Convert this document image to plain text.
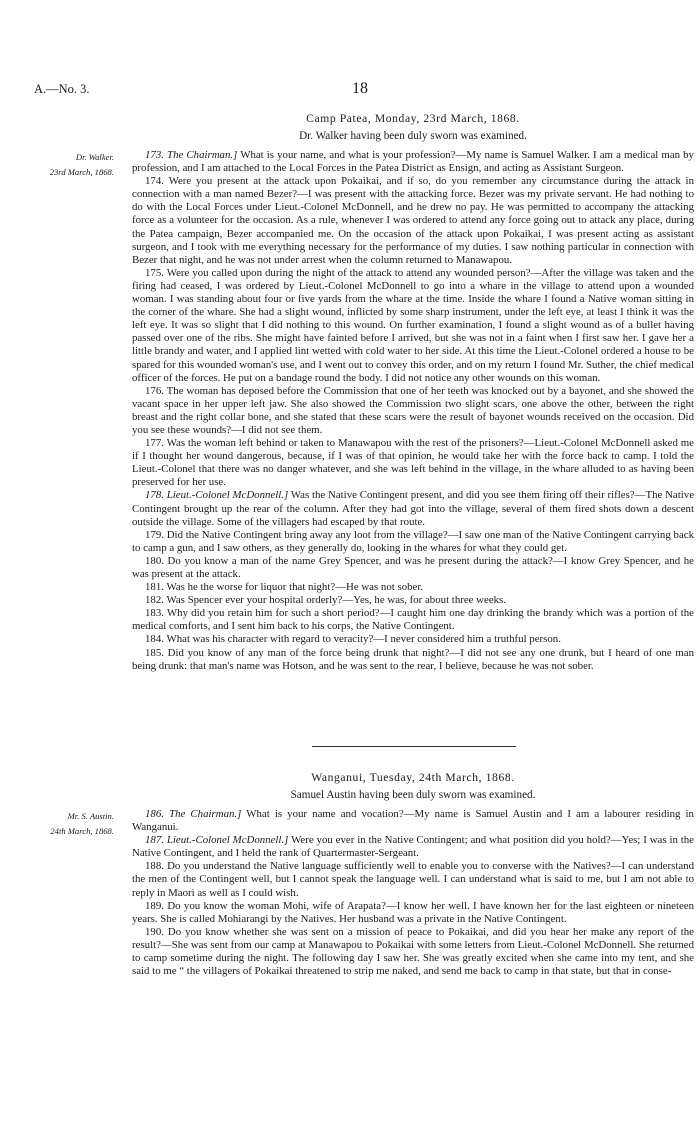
A.—No. 3.	18
Camp Patea, Monday, 23rd March, 1868.
Dr. Walker having been duly sworn was examined.
Dr. Walker.
23rd March, 1868.

173. The Chairman.] What is your name, and what is your profession?—My name is Samuel Walker. I am a medical man by profession, and I am attached to the Local Forces in the Patea District as Ensign, and acting as Assistant Surgeon.

174. Were you present at the attack upon Pokaikai, and if so, do you remember any circumstance during the attack in connection with a man named Bezer?—I was present with the attacking force. Bezer was my private servant. He had nothing to do with the Local Forces under Lieut.-Colonel McDonnell, and he drew no pay. He was permitted to accompany the attacking force as a volunteer for the occasion. As a rule, whenever I was ordered to attend any force going out to attack any place, during the Patea campaign, Bezer accompanied me. On the occasion of the attack upon Pokaikai, I was present acting as assistant surgeon, and I took with me everything necessary for the performance of my duties. I saw nothing particular in connection with Bezer that night, and he was not under arrest when the column returned to Manawapou.

175. Were you called upon during the night of the attack to attend any wounded person?—After the village was taken and the firing had ceased, I was ordered by Lieut.-Colonel McDonnell to go into a whare in the village to attend upon a wounded woman. I was standing about four or five yards from the whare at the time. Inside the whare I found a Native woman sitting in the corner of the whare. She had a slight wound, inflicted by some sharp instrument, under the left eye, at least I think it was the left eye. It was so slight that I did nothing to this wound. On further examination, I found a slight wound as of a bullet having passed over one of the ribs. She might have fainted before I arrived, but she was not in a faint when I first saw her. I gave her a little brandy and water, and I applied lint wetted with cold water to her side. At this time the Lieut.-Colonel ordered a house to be spared for this wounded woman's use, and I went out to convey this order, and on my return I found Mr. Suther, the chief medical officer of the forces. He put on a bandage round the body. I did not notice any other wounds on this woman.

176. The woman has deposed before the Commission that one of her teeth was knocked out by a bayonet, and she showed the vacant space in her upper left jaw. She also showed the Commission two slight scars, one above the other, between the right breast and the right collar bone, and she stated that these scars were the result of bayonet wounds received on the occasion. Did you see these wounds?—I did not see them.

177. Was the woman left behind or taken to Manawapou with the rest of the prisoners?—Lieut.-Colonel McDonnell asked me if I thought her wound dangerous, because, if I was of that opinion, he would take her with the force back to camp. I told the Lieut.-Colonel that there was no danger whatever, and she was left behind in the village, in the whare alluded to as having been preserved for her use.

178. Lieut.-Colonel McDonnell.] Was the Native Contingent present, and did you see them firing off their rifles?—The Native Contingent brought up the rear of the column. After they had got into the village, several of them fired shots down a descent outside the village. Some of the villagers had escaped by that route.

179. Did the Native Contingent bring away any loot from the village?—I saw one man of the Native Contingent carrying back to camp a gun, and I saw others, as they generally do, looking in the whares for what they could get.

180. Do you know a man of the name Grey Spencer, and was he present during the attack?—I know Grey Spencer, and he was present at the attack.

181. Was he the worse for liquor that night?—He was not sober.

182. Was Spencer ever your hospital orderly?—Yes, he was, for about three weeks.

183. Why did you retain him for such a short period?—I caught him one day drinking the brandy which was a portion of the medical comforts, and I sent him back to his corps, the Native Contingent.

184. What was his character with regard to veracity?—I never considered him a truthful person.

185. Did you know of any man of the force being drunk that night?—I did not see any one drunk, but I heard of one man being drunk: that man's name was Hotson, and he was sent to the rear, I believe, because he was not sober.

Wanganui, Tuesday, 24th March, 1868.
Samuel Austin having been duly sworn was examined.
Mr. S. Austin.
24th March, 1868.

186. The Chairman.] What is your name and vocation?—My name is Samuel Austin and I am a labourer residing in Wanganui.

187. Lieut.-Colonel McDonnell.] Were you ever in the Native Contingent; and what position did you hold?—Yes; I was in the Native Contingent, and I held the rank of Quartermaster-Sergeant.

188. Do you understand the Native language sufficiently well to enable you to converse with the Natives?—I can understand the men of the Contingent well, but I cannot speak the language well. I can understand what is said to me, but I am not able to reply in Maori as well as I could wish.

189. Do you know the woman Mohi, wife of Arapata?—I know her well. I have known her for the last eighteen or nineteen years. She is called Mohiarangi by the Natives. Her husband was a private in the Native Contingent.

190. Do you know whether she was sent on a mission of peace to Pokaikai, and did you hear her make any report of the result?—She was sent from our camp at Manawapou to Pokaikai with some letters from Lieut.-Colonel McDonnell. She returned to camp sometime during the night. The following day I saw her. She was greatly excited when she came into my tent, and she said to me “ the villagers of Pokaikai threatened to strip me naked, and send me back to camp in that state, but that in conse-
